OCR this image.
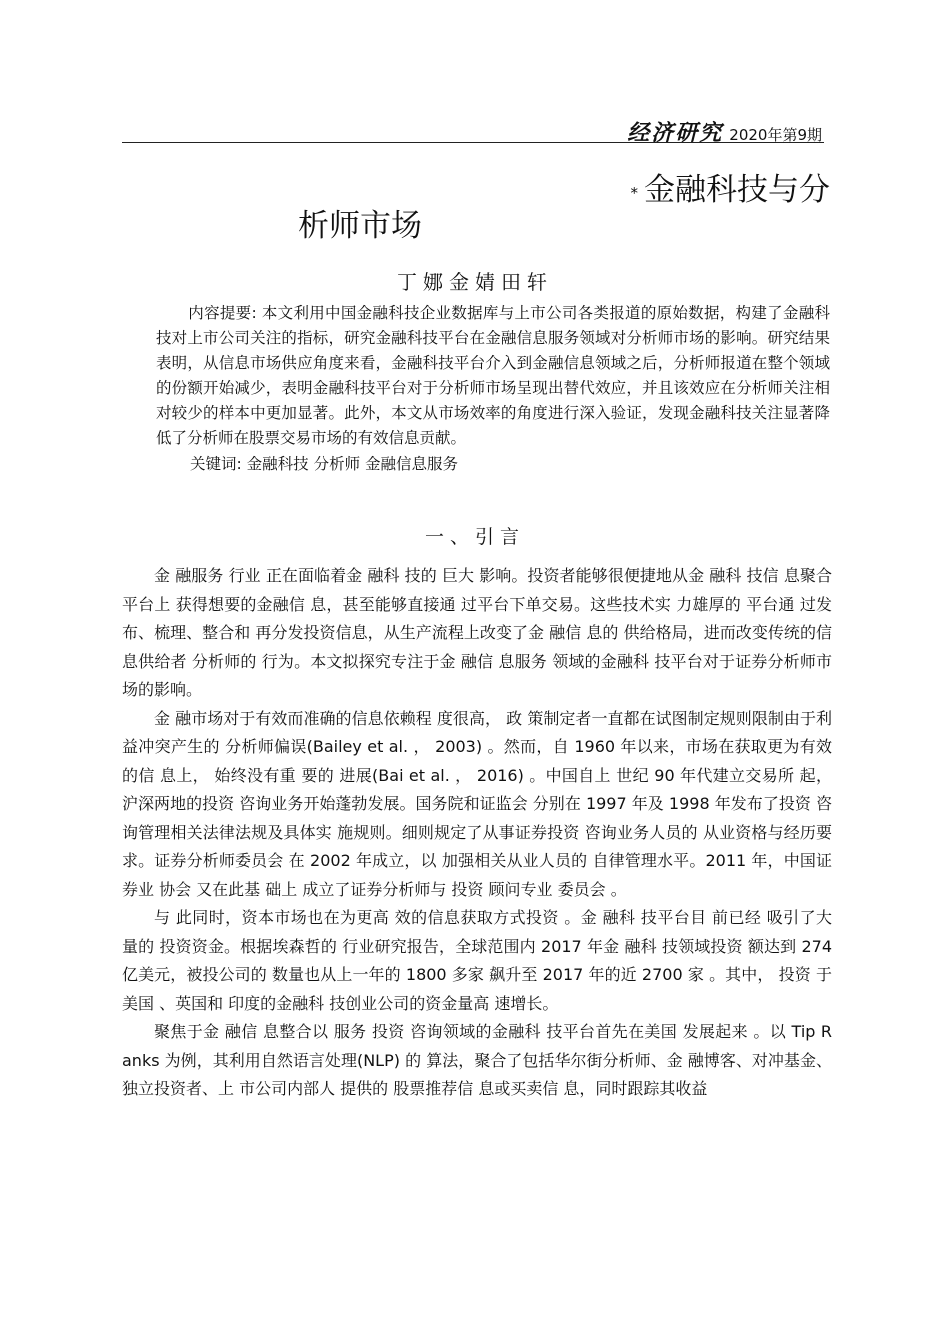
经济研究 2020年第9期
* 金融科技与分
析师市场
丁娜金婧田轩

内容提要: 本文利用中国金融科技企业数据库与上市公司各类报道的原始数据，构建了金融科技对上市公司关注的指标，研究金融科技平台在金融信息服务领域对分析师市场的影响。研究结果表明，从信息市场供应角度来看，金融科技平台介入到金融信息领域之后，分析师报道在整个领域的份额开始减少，表明金融科技平台对于分析师市场呈现出替代效应，并且该效应在分析师关注相对较少的样本中更加显著。此外，本文从市场效率的角度进行深入验证，发现金融科技关注显著降低了分析师在股票交易市场的有效信息贡献。

关键词: 金融科技 分析师 金融信息服务
一、引言

金 融服务 行业 正在面临着金 融科 技的 巨大 影响。投资者能够很便捷地从金 融科 技信 息聚合平台上 获得想要的金融信 息，甚至能够直接通 过平台下单交易。这些技术实 力雄厚的 平台通 过发布、梳理、整合和 再分发投资信息，从生产流程上改变了金 融信 息的 供给格局，进而改变传统的信息供给者 分析师的 行为。本文拟探究专注于金 融信 息服务 领域的金融科 技平台对于证券分析师市场的影响。

金 融市场对于有效而准确的信息依赖程 度很高， 政 策制定者一直都在试图制定规则限制由于利益冲突产生的 分析师偏误(Bailey et al. ， 2003) 。然而，自 1960 年以来，市场在获取更为有效的信 息上， 始终没有重 要的 进展(Bai et al. ， 2016) 。中国自上 世纪 90 年代建立交易所 起，沪深两地的投资 咨询业务开始蓬勃发展。国务院和证监会 分别在 1997 年及 1998 年发布了投资 咨询管理相关法律法规及具体实 施规则。细则规定了从事证券投资 咨询业务人员的 从业资格与经历要求。证券分析师委员会 在 2002 年成立，以 加强相关从业人员的 自律管理水平。2011 年，中国证券业 协会 又在此基 础上 成立了证券分析师与 投资 顾问专业 委员会 。

与 此同时，资本市场也在为更高 效的信息获取方式投资 。金 融科 技平台目 前已经 吸引了大 量的 投资资金。根据埃森哲的 行业研究报告，全球范围内 2017 年金 融科 技领域投资 额达到 274 亿美元，被投公司的 数量也从上一年的 1800 多家 飙升至 2017 年的近 2700 家 。其中， 投资 于美国 、英国和 印度的金融科 技创业公司的资金量高 速增长。

聚焦于金 融信 息整合以 服务 投资 咨询领域的金融科 技平台首先在美国 发展起来 。以 Tip R anks 为例，其利用自然语言处理(NLP) 的 算法，聚合了包括华尔街分析师、金 融博客、对冲基金、独立投资者、上 市公司内部人 提供的 股票推荐信 息或买卖信 息，同时跟踪其收益
